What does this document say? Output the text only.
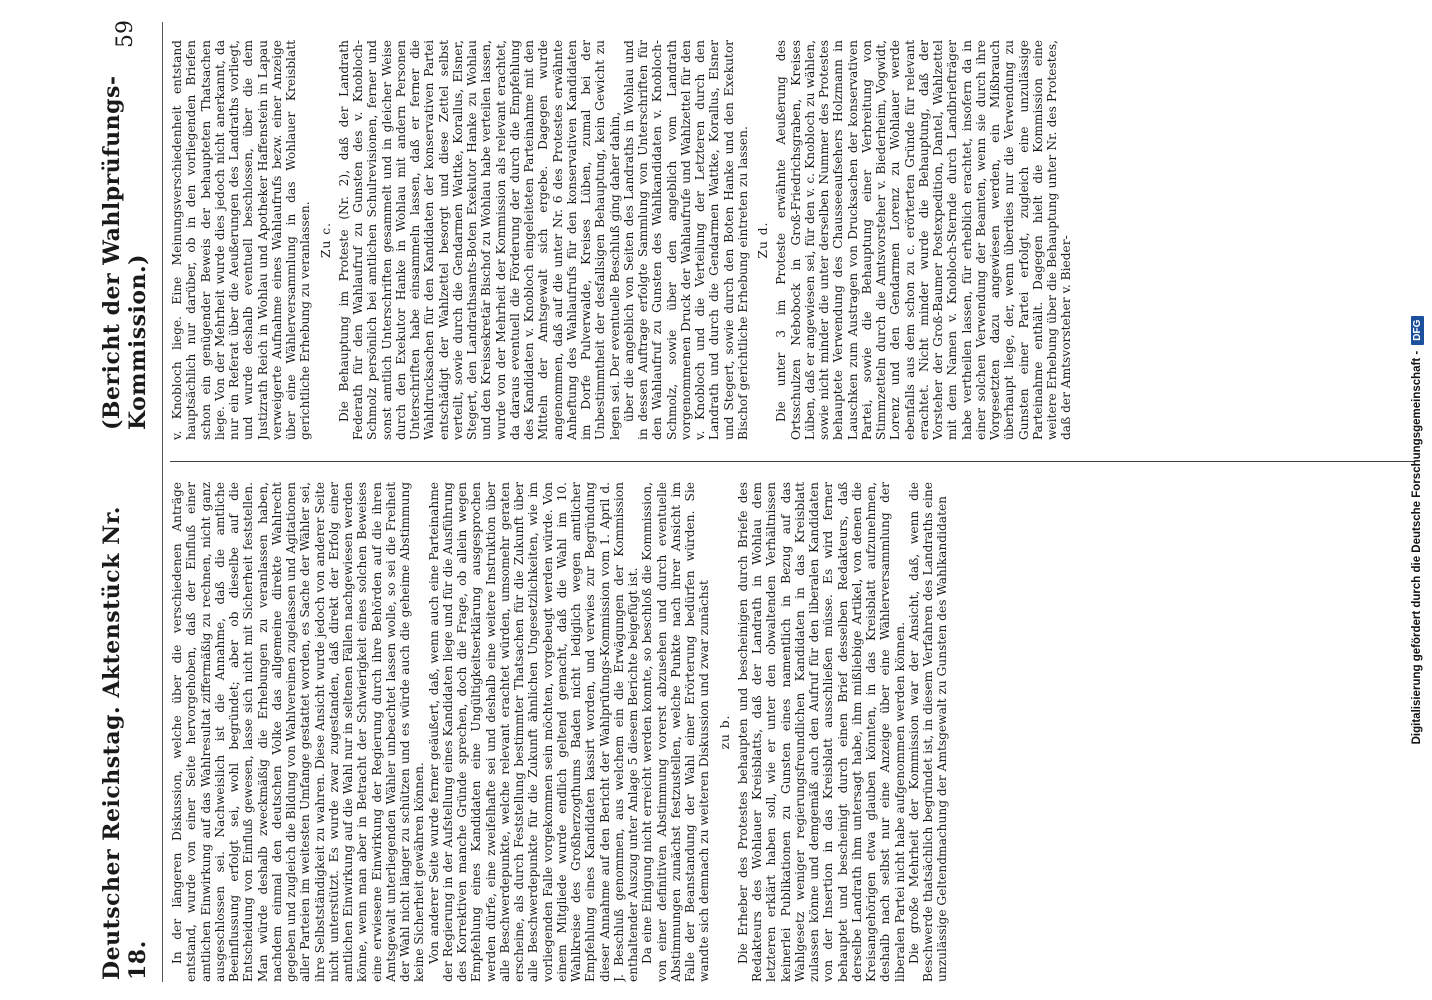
Deutscher Reichstag. Aktenstück Nr. 18.
(Bericht der Wahlprüfungs-Kommission.)
59

In der längeren Diskussion, welche über die verschiedenen Anträge entstand, wurde von einer Seite hervorgehoben, daß der Einfluß einer amtlichen Einwirkung auf das Wahlresultat ziffermäßig zu rechnen, nicht ganz ausgeschlossen sei. Nachweislich ist die Annahme, daß die amtliche Beeinflussung erfolgt sei, wohl begründet; aber ob dieselbe auf die Entscheidung von Einfluß gewesen, lasse sich nicht mit Sicherheit feststellen. Man würde deshalb zweckmäßig die Erhebungen zu veranlassen haben, nachdem einmal den deutschen Volke das allgemeine direkte Wahlrecht gegeben und zugleich die Bildung von Wahlvereinen zugelassen und Agitationen aller Parteien im weitesten Umfange gestattet worden, es Sache der Wähler sei, ihre Selbstständigkeit zu wahren. Diese Ansicht wurde jedoch von anderer Seite nicht unterstützt. Es wurde zwar zugestanden, daß direkt der Erfolg einer amtlichen Einwirkung auf die Wahl nur in seltenen Fällen nachgewiesen werden könne, wenn man aber in Betracht der Schwierigkeit eines solchen Beweises eine erwiesene Einwirkung der Regierung durch ihre Behörden auf die ihren Amtsgewalt unterliegenden Wähler unbeachtet lassen wolle, so sei die Freiheit der Wahl nicht länger zu schützen und es würde auch die geheime Abstimmung keine Sicherheit gewähren können. Von anderer Seite wurde ferner geäußert, daß, wenn auch eine Parteinahme der Regierung in der Aufstellung eines Kandidaten liege und für die Ausführung des Korrektiven manche Gründe sprechen, doch die Frage, ob allein wegen Empfehlung eines Kandidaten eine Ungültigkeitserklärung ausgesprochen werden dürfe, eine zweifelhafte sei und deshalb eine weitere Instruktion über alle Beschwerdepunkte, welche relevant erachtet würden, umsomehr geraten erscheine, als durch Feststellung bestimmter Thatsachen für die Zukunft über alle Beschwerdepunkte für die Zukunft ähnlichen Ungesetzlichkeiten, wie im vorliegenden Falle vorgekommen sein möchten, vorgebeugt werden würde. Von einem Mitgliede wurde endlich geltend gemacht, daß die Wahl im 10. Wahlkreise des Großherzogthums Baden nicht lediglich wegen amtlicher Empfehlung eines Kandidaten kassirt worden, und verwies zur Begründung dieser Annahme auf den Bericht der Wahlprüfungs-Kommission vom 1. April d. J. Beschluß genommen, aus welchem ein die Erwägungen der Kommission enthaltender Auszug unter Anlage 5 diesem Berichte beigefügt ist. Da eine Einigung nicht erreicht werden konnte, so beschloß die Kommission, von einer definitiven Abstimmung vorerst abzusehen und durch eventuelle Abstimmungen zunächst festzustellen, welche Punkte nach ihrer Ansicht im Falle der Beanstandung der Wahl einer Erörterung bedürfen würden. Sie wandte sich demnach zu weiteren Diskussion und zwar zunächst zu b. Die Erheber des Protestes behaupten und bescheinigen durch Briefe des Redakteurs des Wohlauer Kreisblatts, daß der Landrath in Wohlau dem letzteren erklärt haben soll, wie er unter den obwaltenden Verhältnissen keinerlei Publikationen zu Gunsten eines namentlich in Bezug auf das Wahlgesetz weniger regierungsfreundlichen Kandidaten in das Kreisblatt zulassen könne und demgemäß auch den Aufruf für den liberalen Kandidaten von der Insertion in das Kreisblatt ausschließen müsse. Es wird ferner behauptet und bescheinigt durch einen Brief desselben Redakteurs, daß derselbe Landrath ihm untersagt habe, ihm mißliebige Artikel, von denen die Kreisangehörigen etwa glauben könnten, in das Kreisblatt aufzunehmen, deshalb nach selbst nur eine Anzeige über eine Wählerversammlung der liberalen Partei nicht habe aufgenommen werden können. Die große Mehrheit der Kommission war der Ansicht, daß, wenn die Beschwerde thatsächlich begründet ist, in diesem Verfahren des Landraths eine unzulässige Geltendmachung der Amtsgewalt zu Gunsten des Wahlkandidaten

v. Knobloch liege. Eine Meinungsverschiedenheit entstand hauptsächlich nur darüber, ob in den vorliegenden Briefen schon ein genügender Beweis der behaupteten Thatsachen liege. Von der Mehrheit wurde dies jedoch nicht anerkannt, da nur ein Referat über die Aeußerungen des Landraths vorliegt, und wurde deshalb eventuell beschlossen, über die dem Justizrath Reich in Wohlau und Apotheker Haffenstein in Lapau verweigerte Aufnahme eines Wahlaufrufs bezw. einer Anzeige über eine Wählerversammlung in das Wohlauer Kreisblatt gerichtliche Erhebung zu veranlassen. Zu c. Die Behauptung im Proteste (Nr. 2), daß der Landrath Federath für den Wahlaufruf zu Gunsten des v. Knobloch-Schmolz persönlich bei amtlichen Schulrevisionen, ferner und sonst amtlich Unterschriften gesammelt und in gleicher Weise durch den Exekutor Hanke in Wohlau mit andern Personen Unterschriften habe einsammeln lassen, daß er ferner die Wahldrucksachen für den Kandidaten der konservativen Partei entschädigt der Wahlzettel besorgt und diese Zettel selbst verteilt, sowie durch die Gendarmen Wattke, Korallus, Elsner, Stegert, den Landrathsamts-Boten Exekutor Hanke zu Wohlau und den Kreissekretär Bischof zu Wohlau habe verteilen lassen, wurde von der Mehrheit der Kommission als relevant erachtet, da daraus eventuell die Förderung der durch die Empfehlung des Kandidaten v. Knobloch eingeleiteten Parteinahme mit den Mitteln der Amtsgewalt sich ergebe. Dagegen wurde angenommen, daß auf die unter Nr. 6 des Protestes erwähnte Anheftung des Wahlaufrufs für den konservativen Kandidaten im Dorfe Pulverwalde, Kreises Lüben, zumal bei der Unbestimmtheit der desfallsigen Behauptung, kein Gewicht zu legen sei. Der eventuelle Beschluß ging daher dahin, über die angeblich von Seiten des Landraths in Wohlau und in dessen Auftrage erfolgte Sammlung von Unterschriften für den Wahlaufruf zu Gunsten des Wahlkandidaten v. Knobloch-Schmolz, sowie über den angeblich vom Landrath vorgenommenen Druck der Wahlaufrufe und Wahlzettel für den v. Knobloch und die Verteilung der Letzteren durch den Landrath und durch die Gendarmen Wattke, Korallus, Elsner und Stegert, sowie durch den Boten Hanke und den Exekutor Bischof gerichtliche Erhebung eintreten zu lassen. Zu d. Die unter 3 im Proteste erwähnte Aeußerung des Ortsschulzen Nebobock in Groß-Friedrichsgraben, Kreises Lüben, daß er angewiesen sei, für den v. c. Knobloch zu wählen, sowie nicht minder die unter derselben Nummer des Protestes behauptete Verwendung des Chausseeaufsehers Holzmann in Lauschken zum Austragen von Drucksachen der konservativen Partei, sowie die Behauptung einer Verbreitung von Stimmzetteln durch die Amtsvorsteher v. Biederheim, Vogwidt, Lorenz und den Gendarmen Lorenz zu Wohlauer werde ebenfalls aus dem schon zu c. erörterten Gründe für relevant erachtet. Nicht minder wurde die Behauptung, daß der Vorsteher der Groß-Baumer Postexpedition, Dantel, Wahlzettel mit dem Namen v. Knobloch-Sternde durch Landbriefträger habe vertheilen lassen, für erheblich erachtet, insofern da in einer solchen Verwendung der Beamten, wenn sie durch ihre Vorgesetzten dazu angewiesen werden, ein Mißbrauch überhaupt liege, der, wenn überdies nur die Verwendung zu Gunsten einer Partei erfolgt, zugleich eine unzulässige Parteinahme enthält. Dagegen hielt die Kommission eine weitere Erhebung über die Behauptung unter Nr. des Protestes, daß der Amtsvorsteher v. Bieder-

Digitalisierung gefördert durch die Deutsche Forschungsgemeinschaft -
DFG
